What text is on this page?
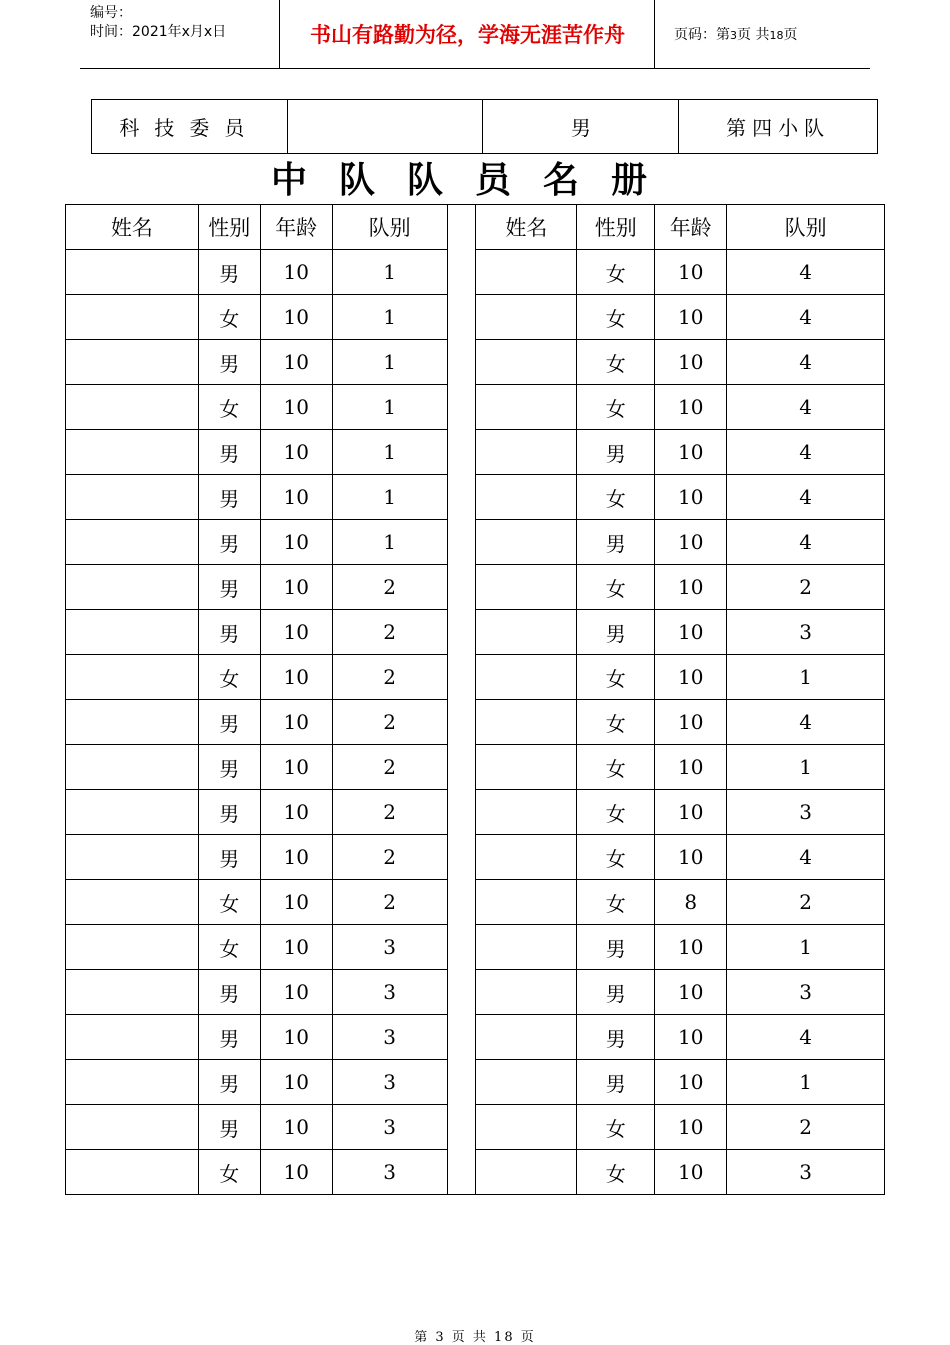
编号：
时间：2021年x月x日	书山有路勤为径，学海无涯苦作舟	页码：第3页 共18页
科技委员		男	第四小队
中队队员名册
姓名	性别	年龄	队别		姓名	性别	年龄	队别
	男	10	1			女	10	4
	女	10	1			女	10	4
	男	10	1			女	10	4
	女	10	1			女	10	4
	男	10	1			男	10	4
	男	10	1			女	10	4
	男	10	1			男	10	4
	男	10	2			女	10	2
	男	10	2			男	10	3
	女	10	2			女	10	1
	男	10	2			女	10	4
	男	10	2			女	10	1
	男	10	2			女	10	3
	男	10	2			女	10	4
	女	10	2			女	8	2
	女	10	3			男	10	1
	男	10	3			男	10	3
	男	10	3			男	10	4
	男	10	3			男	10	1
	男	10	3			女	10	2
	女	10	3			女	10	3
第 3 页 共 18 页
